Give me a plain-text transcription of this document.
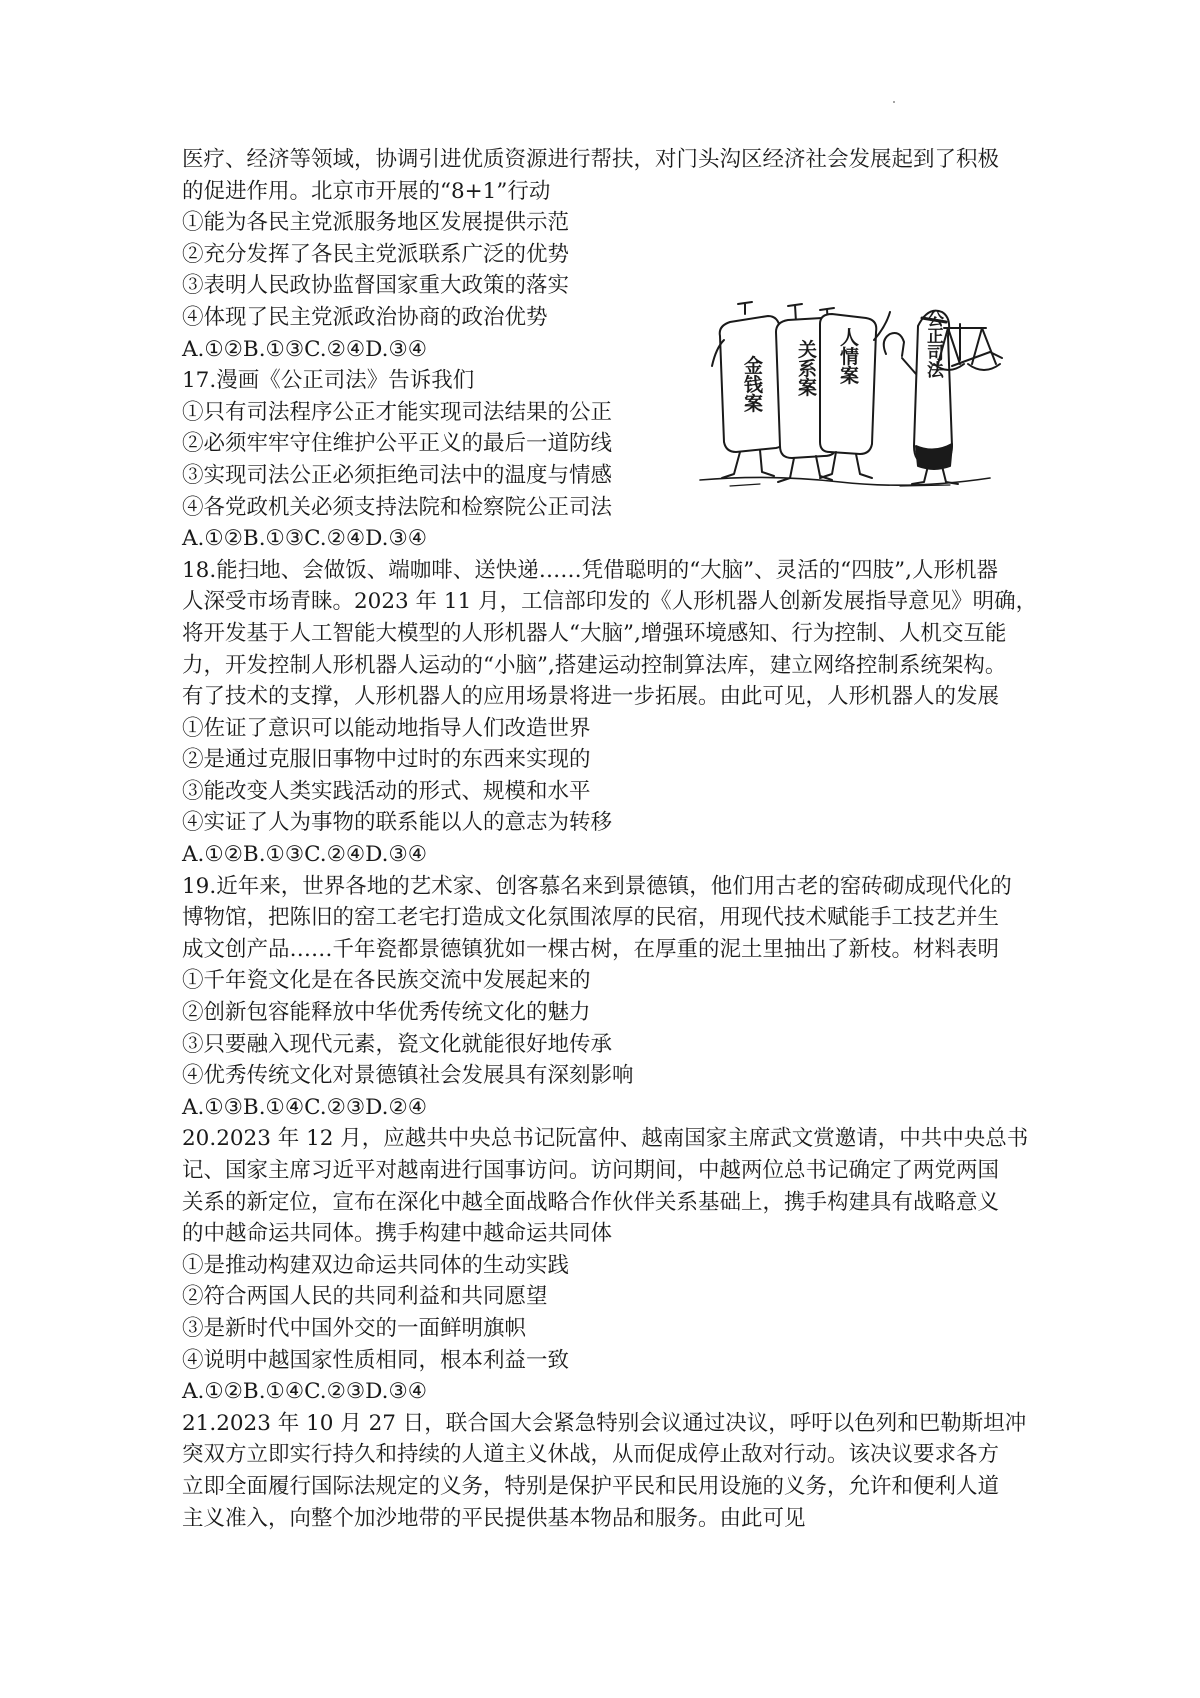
医疗、经济等领域，协调引进优质资源进行帮扶，对门头沟区经济社会发展起到了积极

的促进作用。北京市开展的“8+1”行动

①能为各民主党派服务地区发展提供示范

②充分发挥了各民主党派联系广泛的优势

③表明人民政协监督国家重大政策的落实

④体现了民主党派政治协商的政治优势

A.①②B.①③C.②④D.③④

17.漫画《公正司法》告诉我们

①只有司法程序公正才能实现司法结果的公正

②必须牢牢守住维护公平正义的最后一道防线

③实现司法公正必须拒绝司法中的温度与情感

④各党政机关必须支持法院和检察院公正司法

A.①②B.①③C.②④D.③④

18.能扫地、会做饭、端咖啡、送快递……凭借聪明的“大脑”、灵活的“四肢”,人形机器

人深受市场青睐。2023 年 11 月，工信部印发的《人形机器人创新发展指导意见》明确，

将开发基于人工智能大模型的人形机器人“大脑”,增强环境感知、行为控制、人机交互能

力，开发控制人形机器人运动的“小脑”,搭建运动控制算法库，建立网络控制系统架构。

有了技术的支撑，人形机器人的应用场景将进一步拓展。由此可见，人形机器人的发展

①佐证了意识可以能动地指导人们改造世界

②是通过克服旧事物中过时的东西来实现的

③能改变人类实践活动的形式、规模和水平

④实证了人为事物的联系能以人的意志为转移

A.①②B.①③C.②④D.③④

19.近年来，世界各地的艺术家、创客慕名来到景德镇，他们用古老的窑砖砌成现代化的

博物馆，把陈旧的窑工老宅打造成文化氛围浓厚的民宿，用现代技术赋能手工技艺并生

成文创产品……千年瓷都景德镇犹如一棵古树，在厚重的泥土里抽出了新枝。材料表明

①千年瓷文化是在各民族交流中发展起来的

②创新包容能释放中华优秀传统文化的魅力

③只要融入现代元素，瓷文化就能很好地传承

④优秀传统文化对景德镇社会发展具有深刻影响

A.①③B.①④C.②③D.②④

20.2023 年 12 月，应越共中央总书记阮富仲、越南国家主席武文赏邀请，中共中央总书

记、国家主席习近平对越南进行国事访问。访问期间，中越两位总书记确定了两党两国

关系的新定位，宣布在深化中越全面战略合作伙伴关系基础上，携手构建具有战略意义

的中越命运共同体。携手构建中越命运共同体

①是推动构建双边命运共同体的生动实践

②符合两国人民的共同利益和共同愿望

③是新时代中国外交的一面鲜明旗帜

④说明中越国家性质相同，根本利益一致

A.①②B.①④C.②③D.③④

21.2023 年 10 月 27 日，联合国大会紧急特别会议通过决议，呼吁以色列和巴勒斯坦冲

突双方立即实行持久和持续的人道主义休战，从而促成停止敌对行动。该决议要求各方

立即全面履行国际法规定的义务，特别是保护平民和民用设施的义务，允许和便利人道

主义准入，向整个加沙地带的平民提供基本物品和服务。由此可见

金钱案 关系案 人情案	公正司法
